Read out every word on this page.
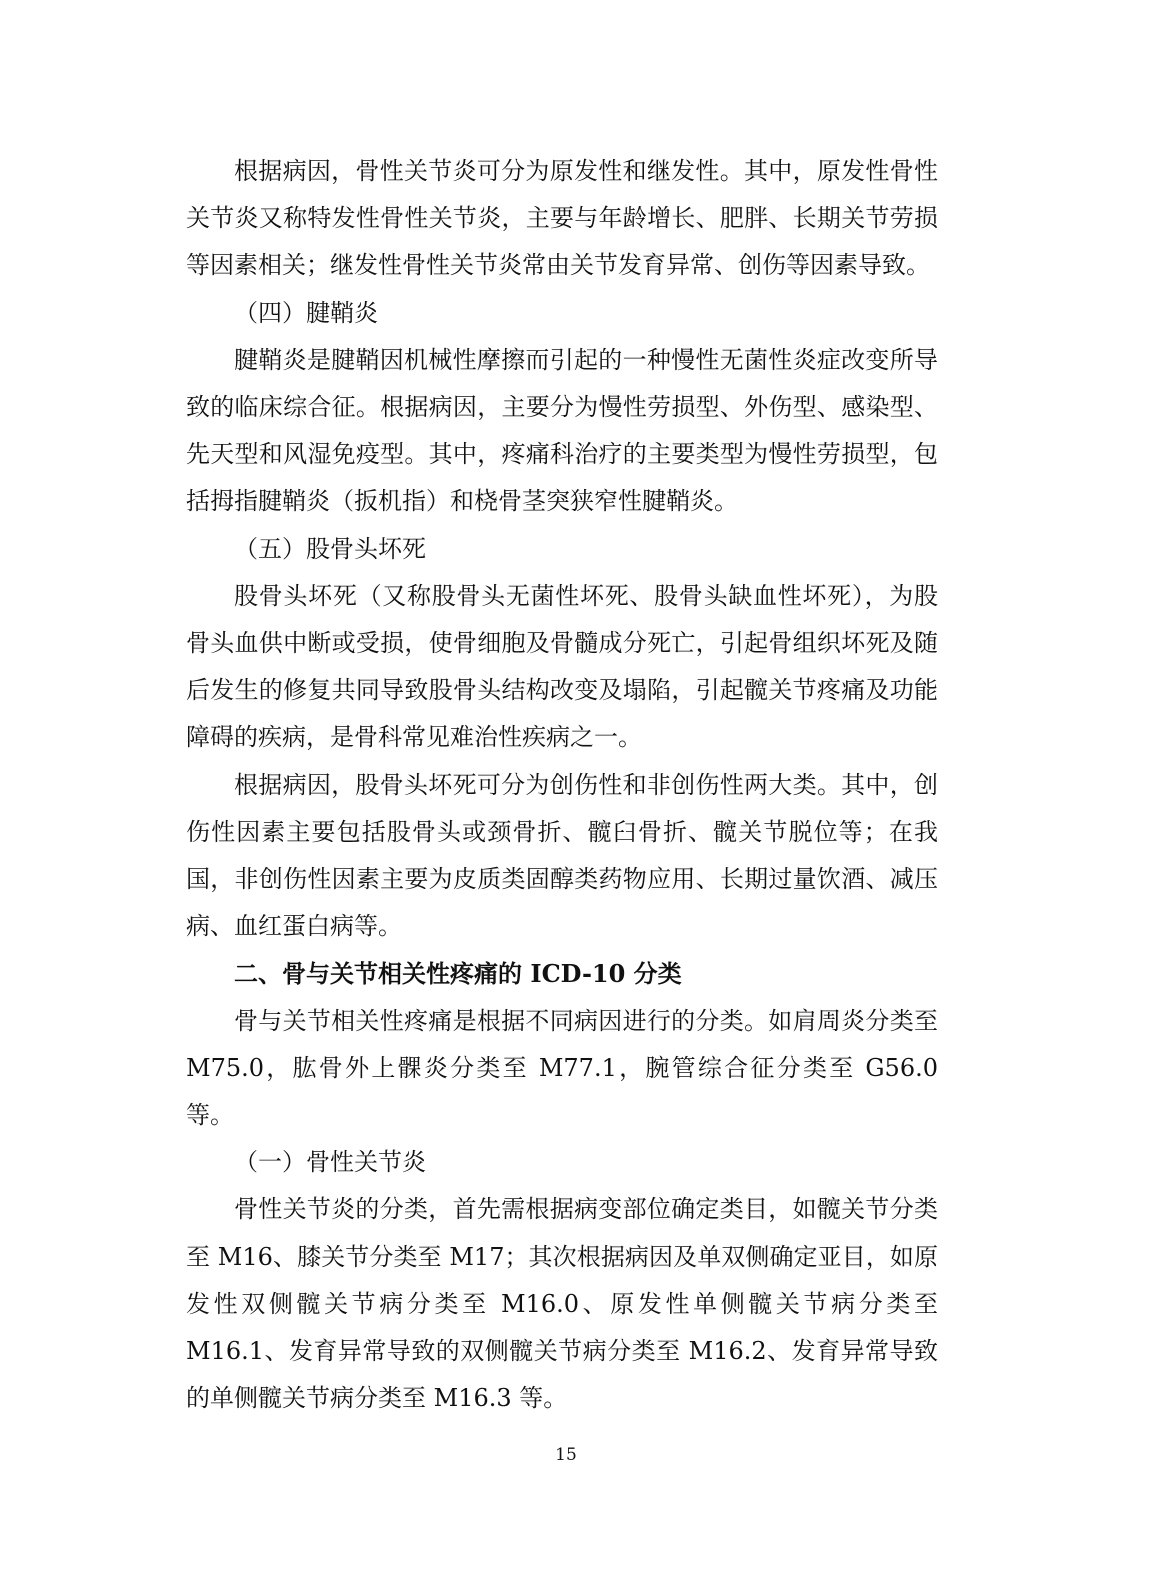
根据病因，骨性关节炎可分为原发性和继发性。其中，原发性骨性关节炎又称特发性骨性关节炎，主要与年龄增长、肥胖、长期关节劳损等因素相关；继发性骨性关节炎常由关节发育异常、创伤等因素导致。

（四）腱鞘炎

腱鞘炎是腱鞘因机械性摩擦而引起的一种慢性无菌性炎症改变所导致的临床综合征。根据病因，主要分为慢性劳损型、外伤型、感染型、先天型和风湿免疫型。其中，疼痛科治疗的主要类型为慢性劳损型，包括拇指腱鞘炎（扳机指）和桡骨茎突狭窄性腱鞘炎。

（五）股骨头坏死

股骨头坏死（又称股骨头无菌性坏死、股骨头缺血性坏死），为股骨头血供中断或受损，使骨细胞及骨髓成分死亡，引起骨组织坏死及随后发生的修复共同导致股骨头结构改变及塌陷，引起髋关节疼痛及功能障碍的疾病，是骨科常见难治性疾病之一。

根据病因，股骨头坏死可分为创伤性和非创伤性两大类。其中，创伤性因素主要包括股骨头或颈骨折、髋臼骨折、髋关节脱位等；在我国，非创伤性因素主要为皮质类固醇类药物应用、长期过量饮酒、减压病、血红蛋白病等。

二、骨与关节相关性疼痛的 ICD-10 分类

骨与关节相关性疼痛是根据不同病因进行的分类。如肩周炎分类至 M75.0，肱骨外上髁炎分类至 M77.1，腕管综合征分类至 G56.0 等。

（一）骨性关节炎

骨性关节炎的分类，首先需根据病变部位确定类目，如髋关节分类至 M16、膝关节分类至 M17；其次根据病因及单双侧确定亚目，如原发性双侧髋关节病分类至 M16.0、原发性单侧髋关节病分类至 M16.1、发育异常导致的双侧髋关节病分类至 M16.2、发育异常导致的单侧髋关节病分类至 M16.3 等。

15
